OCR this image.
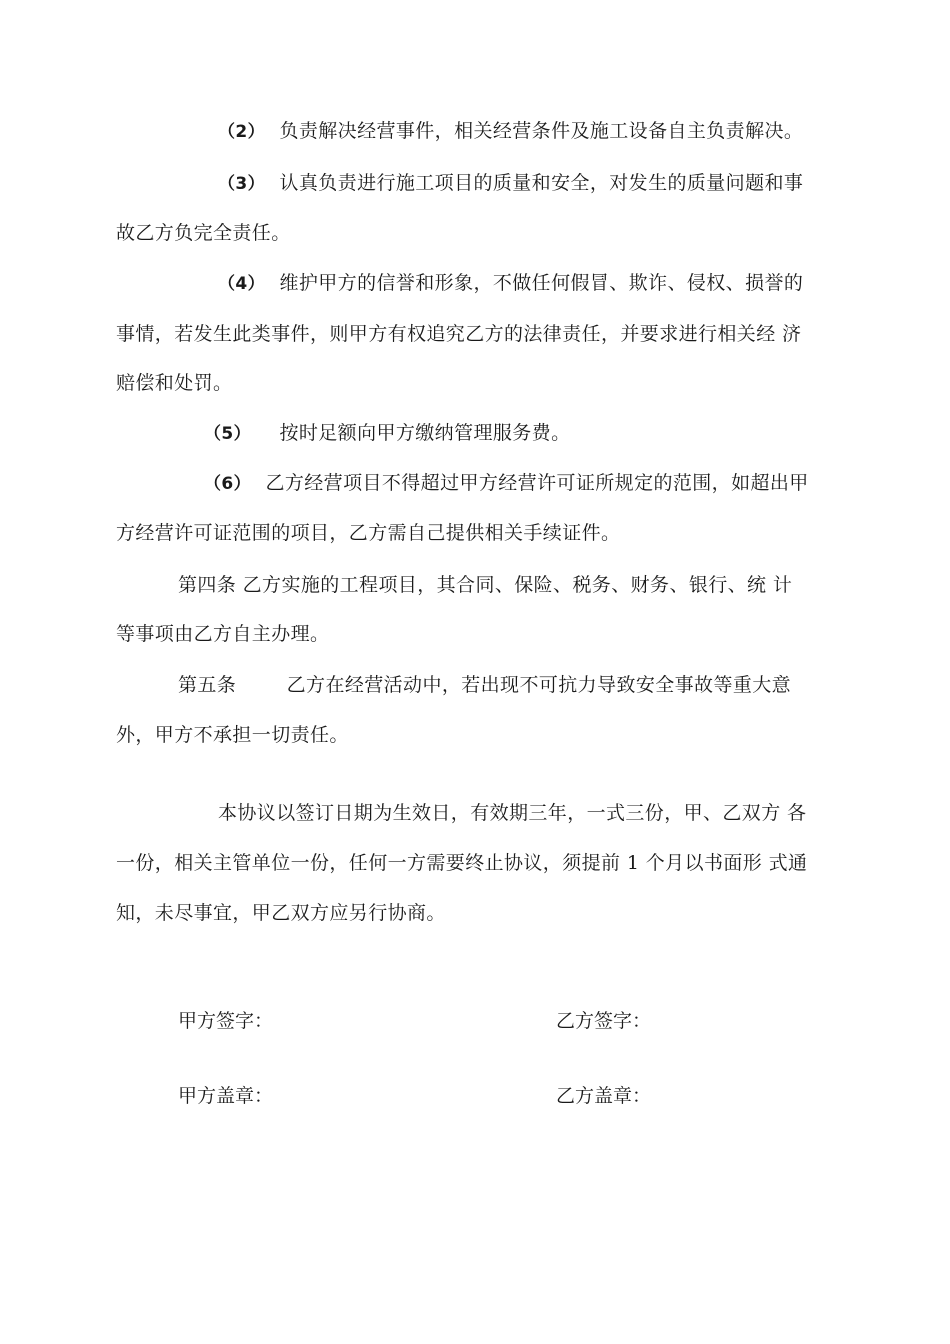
（2） 负责解决经营事件，相关经营条件及施工设备自主负责解决。
（3） 认真负责进行施工项目的质量和安全，对发生的质量问题和事
故乙方负完全责任。
（4） 维护甲方的信誉和形象，不做任何假冒、欺诈、侵权、损誉的
事情，若发生此类事件，则甲方有权追究乙方的法律责任，并要求进行相关经 济
赔偿和处罚。
（5） 按时足额向甲方缴纳管理服务费。
（6） 乙方经营项目不得超过甲方经营许可证所规定的范围，如超出甲
方经营许可证范围的项目，乙方需自己提供相关手续证件。
第四条 乙方实施的工程项目，其合同、保险、税务、财务、银行、统 计
等事项由乙方自主办理。
第五条	乙方在经营活动中，若出现不可抗力导致安全事故等重大意
外，甲方不承担一切责任。
本协议以签订日期为生效日，有效期三年，一式三份，甲、乙双方 各
一份，相关主管单位一份，任何一方需要终止协议，须提前 1 个月以书面形 式通
知，未尽事宜，甲乙双方应另行协商。
甲方签字：	乙方签字：
甲方盖章：	乙方盖章：
